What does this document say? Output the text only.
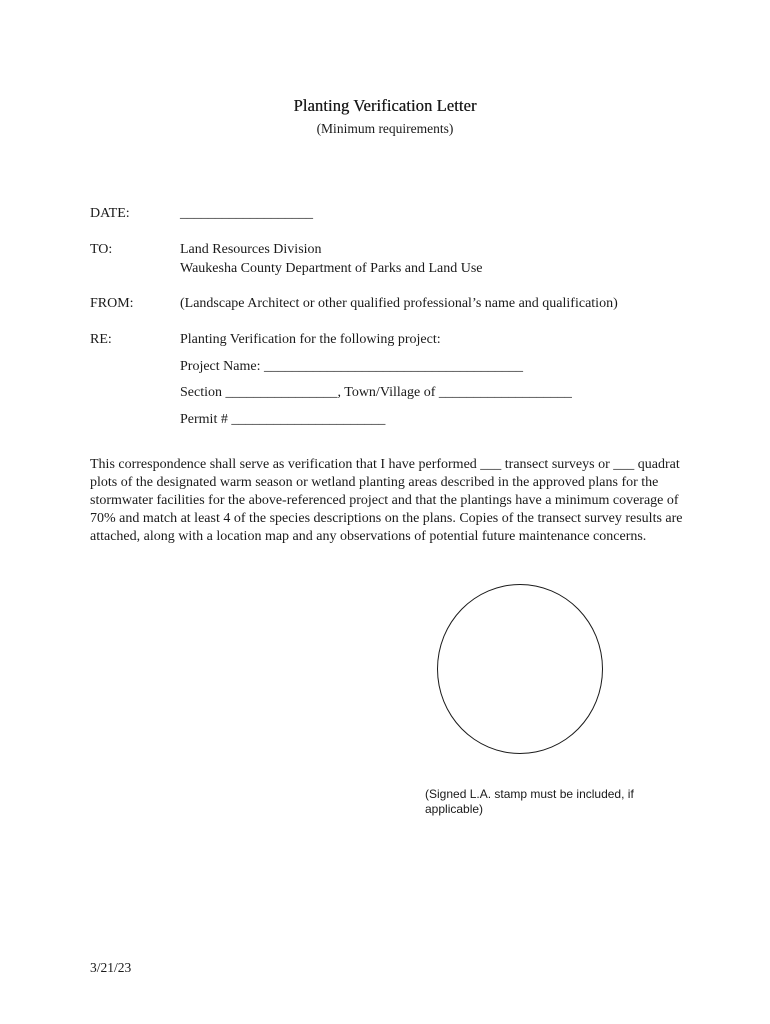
Planting Verification Letter
(Minimum requirements)
DATE:	___________________
TO:	Land Resources Division
Waukesha County Department of Parks and Land Use
FROM:	(Landscape Architect or other qualified professional’s name and qualification)
RE:	Planting Verification for the following project:
Project Name: _____________________________________
Section ________________, Town/Village of ___________________
Permit # ______________________
This correspondence shall serve as verification that I have performed ___ transect surveys or ___ quadrat plots of the designated warm season or wetland planting areas described in the approved plans for the stormwater facilities for the above-referenced project and that the plantings have a minimum coverage of 70% and match at least 4 of the species descriptions on the plans. Copies of the transect survey results are attached, along with a location map and any observations of potential future maintenance concerns.
(Signed L.A. stamp must be included, if applicable)
3/21/23
